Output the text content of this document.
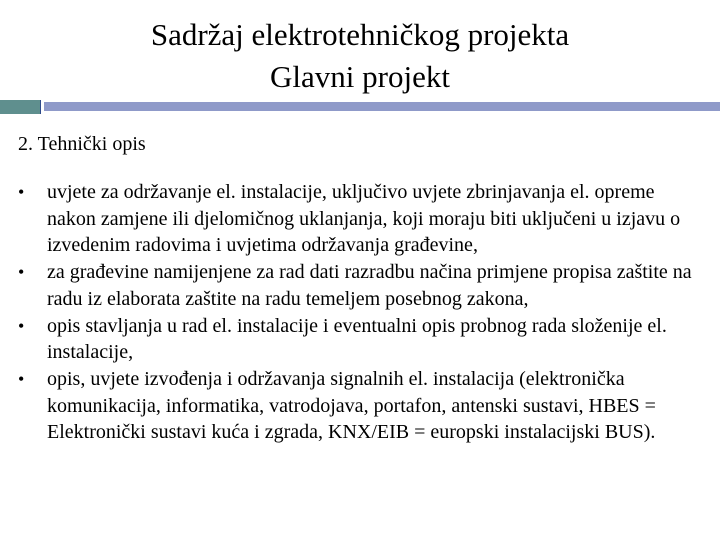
Sadržaj elektrotehničkog projekta
Glavni projekt
2. Tehnički opis
•	uvjete za održavanje el. instalacije, uključivo uvjete zbrinjavanja el. opreme nakon zamjene ili djelomičnog uklanjanja, koji moraju biti uključeni u izjavu o izvedenim radovima i uvjetima održavanja građevine,
•	za građevine namijenjene za rad dati razradbu načina primjene propisa zaštite na radu iz elaborata zaštite na radu temeljem posebnog zakona,
•	opis stavljanja u rad el. instalacije i eventualni opis probnog rada složenije el. instalacije,
•	opis, uvjete izvođenja i održavanja signalnih el. instalacija (elektronička komunikacija, informatika, vatrodojava, portafon, antenski sustavi, HBES = Elektronički sustavi kuća i zgrada, KNX/EIB = europski instalacijski BUS).
